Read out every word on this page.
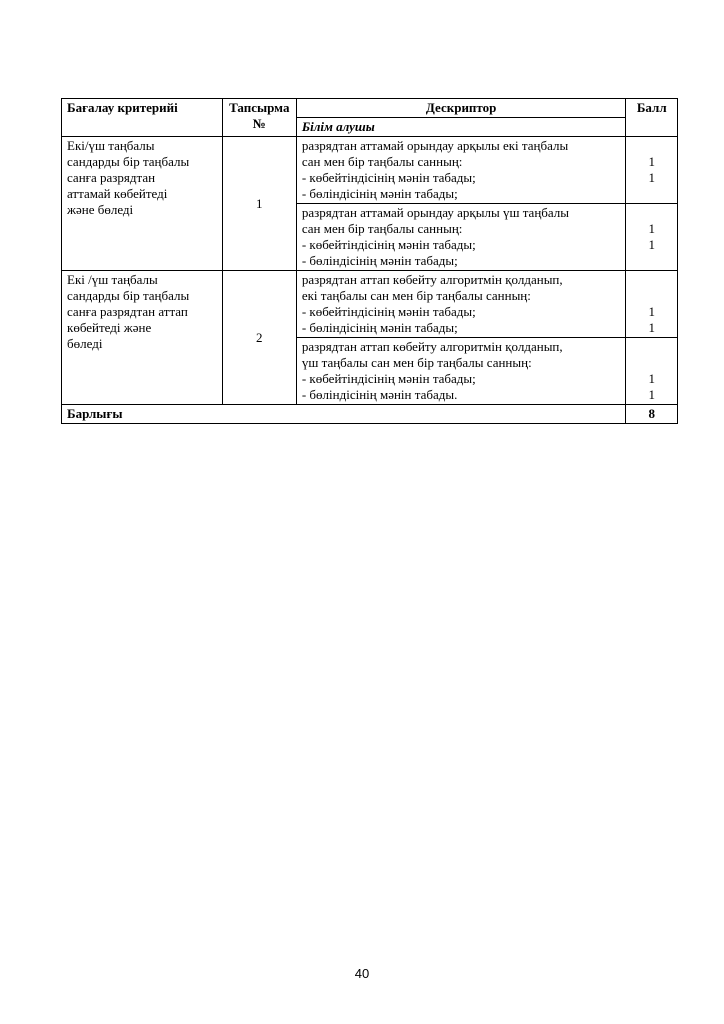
Бағалау критерийі	Тапсырма №	Дескриптор	Балл
		Білім алушы	

Екі/үш таңбалы
сандарды бір таңбалы
санға разрядтан
аттамай көбейтеді
және бөледі	1	разрядтан аттамай орындау арқылы екі таңбалы
сан мен бір таңбалы санның:
- көбейтіндісінің мәнін табады;
- бөліндісінің мәнін табады;	1
1

		разрядтан аттамай орындау арқылы үш таңбалы
сан мен бір таңбалы санның:
- көбейтіндісінің мәнін табады;
- бөліндісінің мәнін табады;	1
1

Екі /үш таңбалы
сандарды бір таңбалы
санға разрядтан аттап
көбейтеді және
бөледі	2	разрядтан аттап көбейту алгоритмін қолданып,
екі таңбалы сан мен бір таңбалы санның:
- көбейтіндісінің мәнін табады;
- бөліндісінің мәнін табады;	1
1

		разрядтан аттап көбейту алгоритмін қолданып,
үш таңбалы сан мен бір таңбалы санның:
- көбейтіндісінің мәнін табады;
- бөліндісінің мәнін табады.	1
1

Барлығы			8
40
